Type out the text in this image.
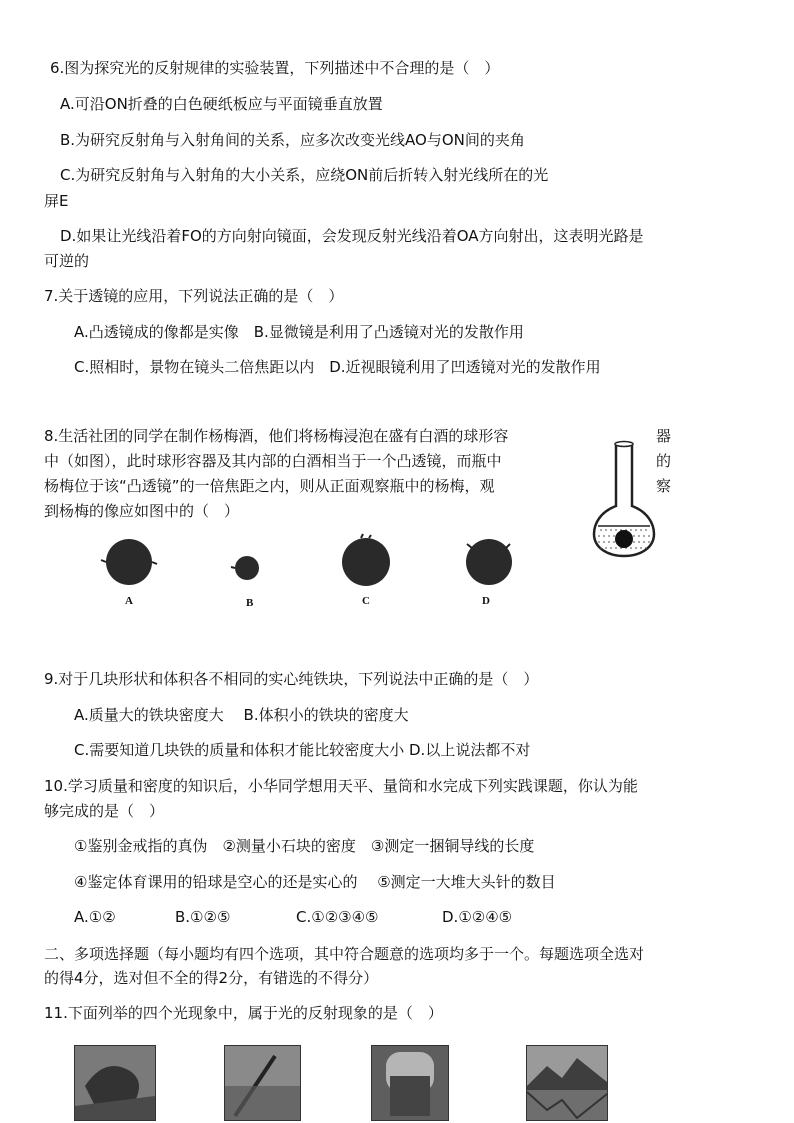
6.图为探究光的反射规律的实验装置，下列描述中不合理的是（　）
A.可沿ON折叠的白色硬纸板应与平面镜垂直放置
B.为研究反射角与入射角间的关系，应多次改变光线AO与ON间的夹角
C.为研究反射角与入射角的大小关系，应绕ON前后折转入射光线所在的光
屏E
D.如果让光线沿着FO的方向射向镜面，会发现反射光线沿着OA方向射出，这表明光路是
可逆的
7.关于透镜的应用，下列说法正确的是（　）
A.凸透镜成的像都是实像　B.显微镜是利用了凸透镜对光的发散作用
C.照相时，景物在镜头二倍焦距以内　D.近视眼镜利用了凹透镜对光的发散作用
8.生活社团的同学在制作杨梅酒，他们将杨梅浸泡在盛有白酒的球形容	器
中（如图），此时球形容器及其内部的白酒相当于一个凸透镜，而瓶中	的
杨梅位于该“凸透镜”的一倍焦距之内，则从正面观察瓶中的杨梅，观	察
到杨梅的像应如图中的（　）
A	B	C	D
9.对于几块形状和体积各不相同的实心纯铁块，下列说法中正确的是（　）
A.质量大的铁块密度大　 B.体积小的铁块的密度大
C.需要知道几块铁的质量和体积才能比较密度大小 D.以上说法都不对
10.学习质量和密度的知识后，小华同学想用天平、量筒和水完成下列实践课题，你认为能
够完成的是（　）
①鉴别金戒指的真伪　②测量小石块的密度　③测定一捆铜导线的长度
④鉴定体育课用的铅球是空心的还是实心的　 ⑤测定一大堆大头针的数目
A.①②	B.①②⑤	C.①②③④⑤	D.①②④⑤
二、多项选择题（每小题均有四个选项，其中符合题意的选项均多于一个。每题选项全选对
的得4分，选对但不全的得2分，有错选的不得分）
11.下面列举的四个光现象中，属于光的反射现象的是（　）
